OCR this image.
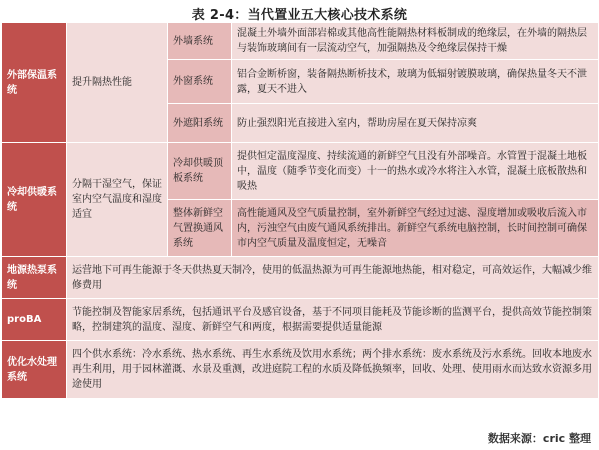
表 2-4：当代置业五大核心技术系统
外部保温系统	提升隔热性能	外墙系统	混凝土外墙外面部岩棉或其他高性能隔热材料板制成的绝缘层，在外墙的隔热层与装饰玻璃间有一层流动空气，加强隔热及令绝缘层保持干燥
		外窗系统	铝合金断桥窗，装备隔热断桥技术，玻璃为低辐射镀膜玻璃，确保热量冬天不泄露，夏天不进入
		外遮阳系统	防止强烈阳光直接进入室内，帮助房屋在夏天保持凉爽
冷却供暖系统	分隔干湿空气，保证室内空气温度和湿度适宜	冷却供暖顶板系统	提供恒定温度湿度、持续流通的新鲜空气且没有外部噪音。水管置于混凝土地板中，温度（随季节变化而变）十一的热水或冷水将注入水管，混凝土底板散热和吸热
		整体新鲜空气置换通风系统	高性能通风及空气质量控制，室外新鲜空气经过过滤、湿度增加或吸收后流入市内，污浊空气由废气通风系统排出。新鲜空气系统电脑控制，长时间控制可确保市内空气质量及温度恒定，无噪音
地源热泵系统	运营地下可再生能源于冬天供热夏天制冷，使用的低温热源为可再生能源地热能，相对稳定，可高效运作，大幅减少维修费用		
proBA	节能控制及智能家居系统，包括通讯平台及感官设备，基于不同项目能耗及节能诊断的监测平台，提供高效节能控制策略，控制建筑的温度、湿度、新鲜空气和两度，根据需要提供适量能源		
优化水处理系统	四个供水系统：冷水系统、热水系统、再生水系统及饮用水系统；两个排水系统：废水系统及污水系统。回收本地废水再生利用，用于园林灌溉、水景及重测，改进庭院工程的水质及降低换频率，回收、处理、使用雨水而达致水资源多用途使用		
数据来源：cric 整理
